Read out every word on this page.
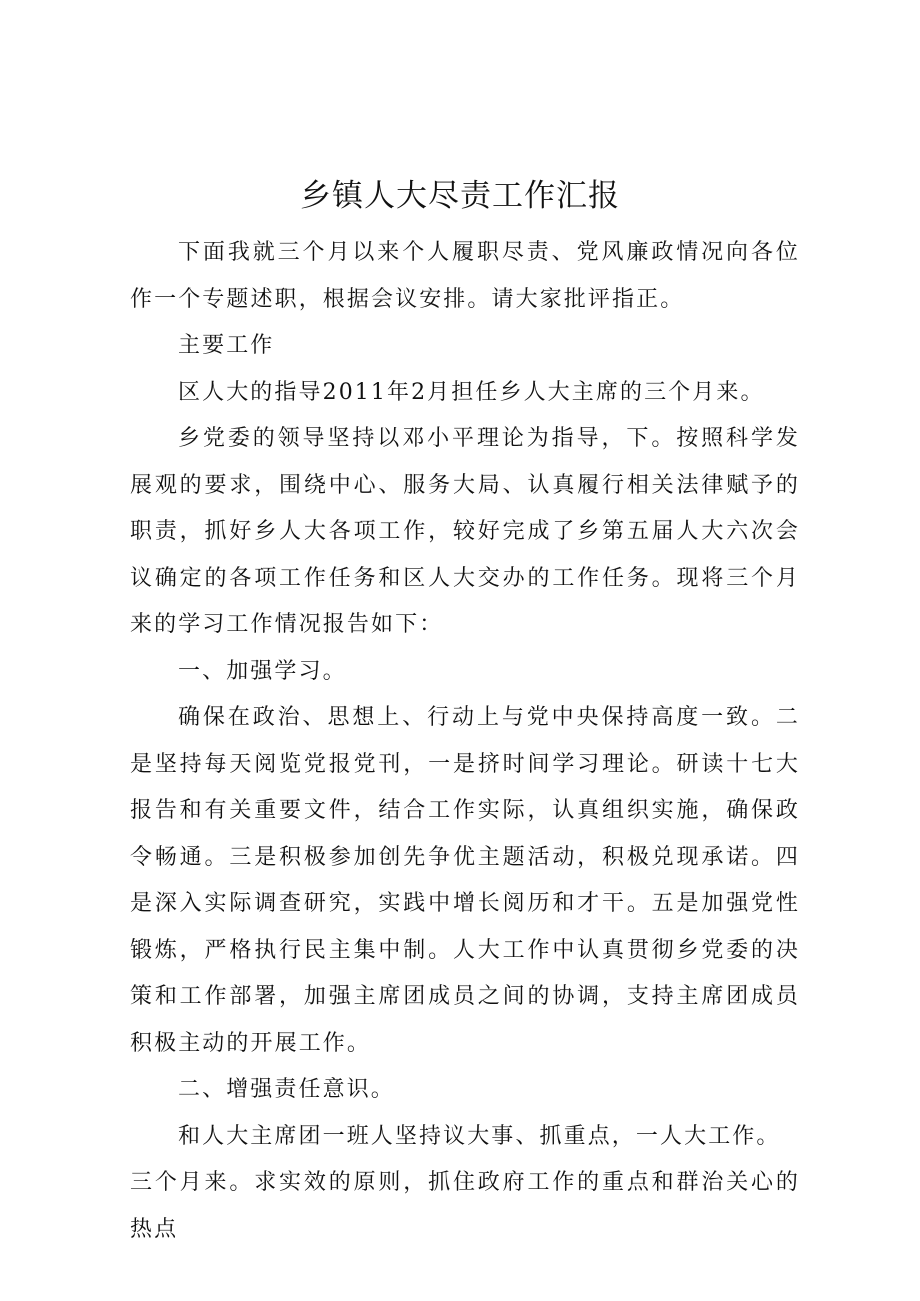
乡镇人大尽责工作汇报

下面我就三个月以来个人履职尽责、党风廉政情况向各位作一个专题述职，根据会议安排。请大家批评指正。

主要工作

区人大的指导2011年2月担任乡人大主席的三个月来。

乡党委的领导坚持以邓小平理论为指导，下。按照科学发展观的要求，围绕中心、服务大局、认真履行相关法律赋予的职责，抓好乡人大各项工作，较好完成了乡第五届人大六次会议确定的各项工作任务和区人大交办的工作任务。现将三个月来的学习工作情况报告如下：

一、加强学习。

确保在政治、思想上、行动上与党中央保持高度一致。二是坚持每天阅览党报党刊，一是挤时间学习理论。研读十七大报告和有关重要文件，结合工作实际，认真组织实施，确保政令畅通。三是积极参加创先争优主题活动，积极兑现承诺。四是深入实际调查研究，实践中增长阅历和才干。五是加强党性锻炼，严格执行民主集中制。人大工作中认真贯彻乡党委的决策和工作部署，加强主席团成员之间的协调，支持主席团成员积极主动的开展工作。

二、增强责任意识。

和人大主席团一班人坚持议大事、抓重点，一人大工作。

三个月来。求实效的原则，抓住政府工作的重点和群治关心的热点
